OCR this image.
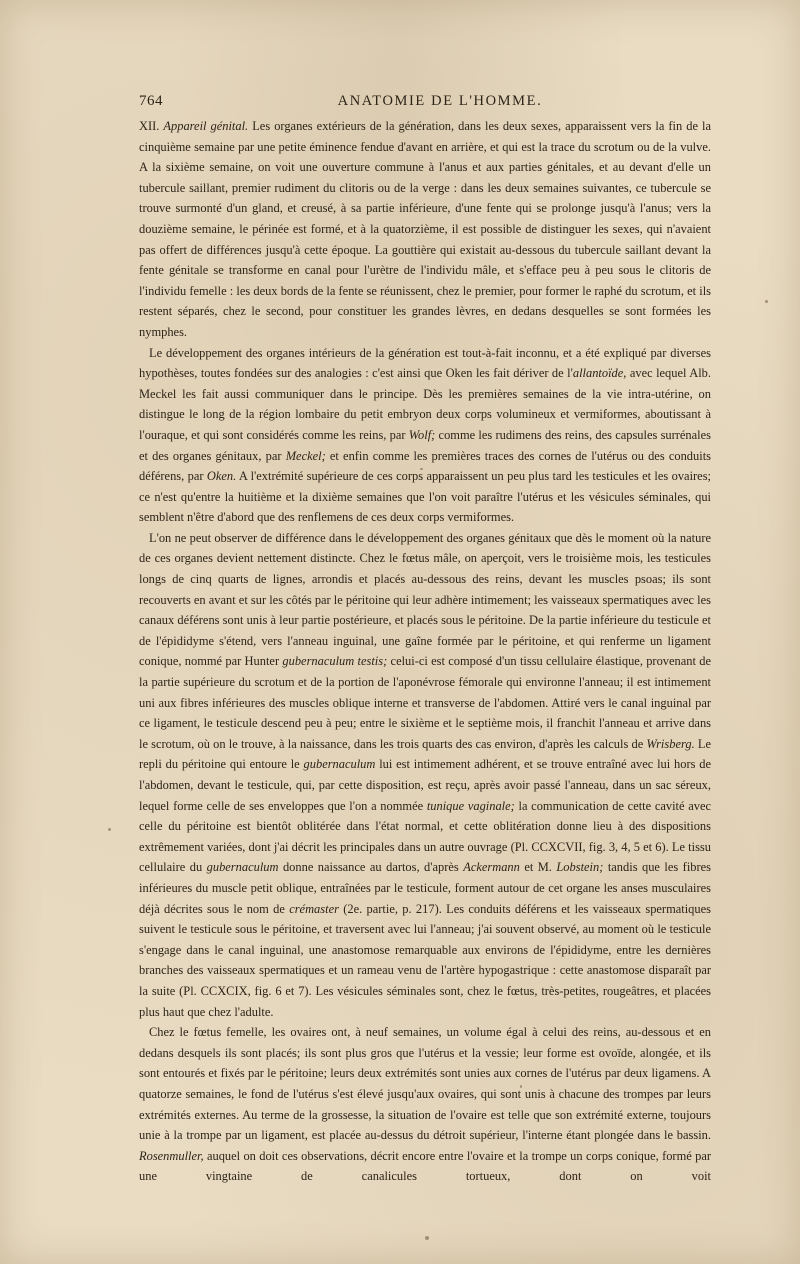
764	ANATOMIE DE L'HOMME.

XII. Appareil génital. Les organes extérieurs de la génération, dans les deux sexes, apparaissent vers la fin de la cinquième semaine par une petite éminence fendue d'avant en arrière, et qui est la trace du scrotum ou de la vulve. A la sixième semaine, on voit une ouverture commune à l'anus et aux parties génitales, et au devant d'elle un tubercule saillant, premier rudiment du clitoris ou de la verge : dans les deux semaines suivantes, ce tubercule se trouve surmonté d'un gland, et creusé, à sa partie inférieure, d'une fente qui se prolonge jusqu'à l'anus; vers la douzième semaine, le périnée est formé, et à la quatorzième, il est possible de distinguer les sexes, qui n'avaient pas offert de différences jusqu'à cette époque. La gouttière qui existait au-dessous du tubercule saillant devant la fente génitale se transforme en canal pour l'urètre de l'individu mâle, et s'efface peu à peu sous le clitoris de l'individu femelle : les deux bords de la fente se réunissent, chez le premier, pour former le raphé du scrotum, et ils restent séparés, chez le second, pour constituer les grandes lèvres, en dedans desquelles se sont formées les nymphes.

Le développement des organes intérieurs de la génération est tout-à-fait inconnu, et a été expliqué par diverses hypothèses, toutes fondées sur des analogies : c'est ainsi que Oken les fait dériver de l'allantoïde, avec lequel Alb. Meckel les fait aussi communiquer dans le principe. Dès les premières semaines de la vie intra-utérine, on distingue le long de la région lombaire du petit embryon deux corps volumineux et vermiformes, aboutissant à l'ouraque, et qui sont considérés comme les reins, par Wolf; comme les rudimens des reins, des capsules surrénales et des organes génitaux, par Meckel; et enfin comme les premières traces des cornes de l'utérus ou des conduits déférens, par Oken. A l'extrémité supérieure de ces corps apparaissent un peu plus tard les testicules et les ovaires; ce n'est qu'entre la huitième et la dixième semaines que l'on voit paraître l'utérus et les vésicules séminales, qui semblent n'être d'abord que des renflemens de ces deux corps vermiformes.

L'on ne peut observer de différence dans le développement des organes génitaux que dès le moment où la nature de ces organes devient nettement distincte. Chez le fœtus mâle, on aperçoit, vers le troisième mois, les testicules longs de cinq quarts de lignes, arrondis et placés au-dessous des reins, devant les muscles psoas; ils sont recouverts en avant et sur les côtés par le péritoine qui leur adhère intimement; les vaisseaux spermatiques avec les canaux déférens sont unis à leur partie postérieure, et placés sous le péritoine. De la partie inférieure du testicule et de l'épididyme s'étend, vers l'anneau inguinal, une gaîne formée par le péritoine, et qui renferme un ligament conique, nommé par Hunter gubernaculum testis; celui-ci est composé d'un tissu cellulaire élastique, provenant de la partie supérieure du scrotum et de la portion de l'aponévrose fémorale qui environne l'anneau; il est intimement uni aux fibres inférieures des muscles oblique interne et transverse de l'abdomen. Attiré vers le canal inguinal par ce ligament, le testicule descend peu à peu; entre le sixième et le septième mois, il franchit l'anneau et arrive dans le scrotum, où on le trouve, à la naissance, dans les trois quarts des cas environ, d'après les calculs de Wrisberg. Le repli du péritoine qui entoure le gubernaculum lui est intimement adhérent, et se trouve entraîné avec lui hors de l'abdomen, devant le testicule, qui, par cette disposition, est reçu, après avoir passé l'anneau, dans un sac séreux, lequel forme celle de ses enveloppes que l'on a nommée tunique vaginale; la communication de cette cavité avec celle du péritoine est bientôt oblitérée dans l'état normal, et cette oblitération donne lieu à des dispositions extrêmement variées, dont j'ai décrit les principales dans un autre ouvrage (Pl. CCXCVII, fig. 3, 4, 5 et 6). Le tissu cellulaire du gubernaculum donne naissance au dartos, d'après Ackermann et M. Lobstein; tandis que les fibres inférieures du muscle petit oblique, entraînées par le testicule, forment autour de cet organe les anses musculaires déjà décrites sous le nom de crémaster (2e. partie, p. 217). Les conduits déférens et les vaisseaux spermatiques suivent le testicule sous le péritoine, et traversent avec lui l'anneau; j'ai souvent observé, au moment où le testicule s'engage dans le canal inguinal, une anastomose remarquable aux environs de l'épididyme, entre les dernières branches des vaisseaux spermatiques et un rameau venu de l'artère hypogastrique : cette anastomose disparaît par la suite (Pl. CCXCIX, fig. 6 et 7). Les vésicules séminales sont, chez le fœtus, très-petites, rougeâtres, et placées plus haut que chez l'adulte.

Chez le fœtus femelle, les ovaires ont, à neuf semaines, un volume égal à celui des reins, au-dessous et en dedans desquels ils sont placés; ils sont plus gros que l'utérus et la vessie; leur forme est ovoïde, alongée, et ils sont entourés et fixés par le péritoine; leurs deux extrémités sont unies aux cornes de l'utérus par deux ligamens. A quatorze semaines, le fond de l'utérus s'est élevé jusqu'aux ovaires, qui sont unis à chacune des trompes par leurs extrémités externes. Au terme de la grossesse, la situation de l'ovaire est telle que son extrémité externe, toujours unie à la trompe par un ligament, est placée au-dessus du détroit supérieur, l'interne étant plongée dans le bassin. Rosenmuller, auquel on doit ces observations, décrit encore entre l'ovaire et la trompe un corps conique, formé par une vingtaine de canalicules tortueux, dont on voit
